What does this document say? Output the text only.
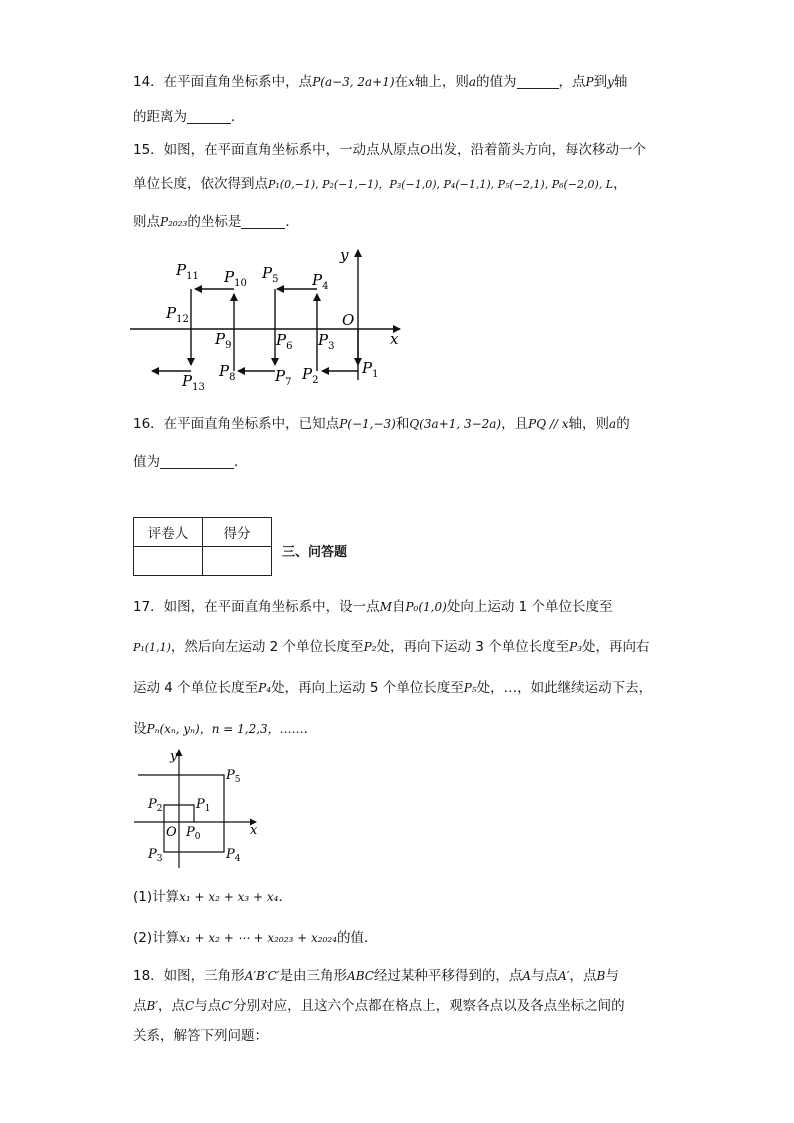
14．在平面直角坐标系中，点P(a−3, 2a+1)在x轴上，则a的值为	，点P到y轴
的距离为	．
15．如图，在平面直角坐标系中，一动点从原点O出发，沿着箭头方向，每次移动一个
单位长度，依次得到点P₁(0,−1), P₂(−1,−1)，P₃(−1,0), P₄(−1,1), P₅(−2,1), P₆(−2,0), L，
则点P₂₀₂₃的坐标是	．
y
x
O
$P_1$
$P_2$
$P_3$
$P_4$
$P_5$
$P_6$
$P_7$
$P_8$
$P_9$
$P_{10}$
$P_{11}$
$P_{12}$
$P_{13}$
16．在平面直角坐标系中，已知点P(−1,−3)和Q(3a+1, 3−2a)，且PQ // x轴，则a的
值为	．
评卷人	得分

三、问答题
17．如图，在平面直角坐标系中，设一点M自P₀(1,0)处向上运动 1 个单位长度至
P₁(1,1)，然后向左运动 2 个单位长度至P₂处，再向下运动 3 个单位长度至P₃处，再向右
运动 4 个单位长度至P₄处，再向上运动 5 个单位长度至P₅处，…，如此继续运动下去，
设Pₙ(xₙ, yₙ)，n = 1,2,3，……．
y
x
O $P_0$
$P_1$
$P_2$
$P_3$	$P_4$
$P_5$
(1)计算x₁ + x₂ + x₃ + x₄．
(2)计算x₁ + x₂ + ⋯ + x₂₀₂₃ + x₂₀₂₄的值．
18．如图，三角形A′B′C′是由三角形ABC经过某种平移得到的，点A与点A′，点B与
点B′，点C与点C′分别对应，且这六个点都在格点上，观察各点以及各点坐标之间的
关系，解答下列问题：
